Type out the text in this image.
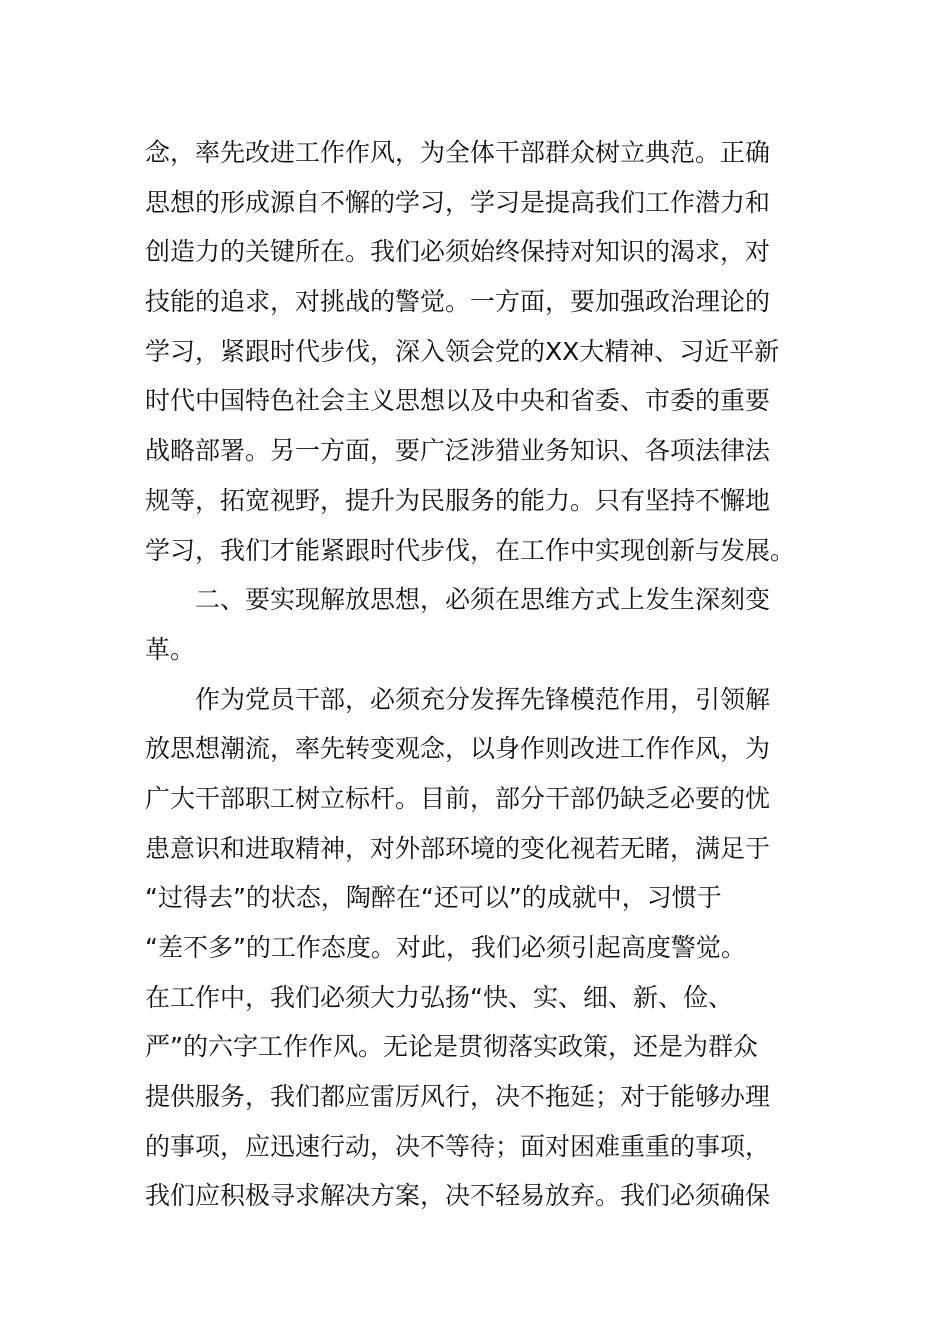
念，率先改进工作作风，为全体干部群众树立典范。正确
思想的形成源自不懈的学习，学习是提高我们工作潜力和
创造力的关键所在。我们必须始终保持对知识的渴求，对
技能的追求，对挑战的警觉。一方面，要加强政治理论的
学习，紧跟时代步伐，深入领会党的XX大精神、习近平新
时代中国特色社会主义思想以及中央和省委、市委的重要
战略部署。另一方面，要广泛涉猎业务知识、各项法律法
规等，拓宽视野，提升为民服务的能力。只有坚持不懈地
学习，我们才能紧跟时代步伐，在工作中实现创新与发展。
二、要实现解放思想，必须在思维方式上发生深刻变
革。
作为党员干部，必须充分发挥先锋模范作用，引领解
放思想潮流，率先转变观念，以身作则改进工作作风，为
广大干部职工树立标杆。目前，部分干部仍缺乏必要的忧
患意识和进取精神，对外部环境的变化视若无睹，满足于
“过得去”的状态，陶醉在“还可以”的成就中，习惯于
“差不多”的工作态度。对此，我们必须引起高度警觉。
在工作中，我们必须大力弘扬“快、实、细、新、俭、
严”的六字工作作风。无论是贯彻落实政策，还是为群众
提供服务，我们都应雷厉风行，决不拖延；对于能够办理
的事项，应迅速行动，决不等待；面对困难重重的事项，
我们应积极寻求解决方案，决不轻易放弃。我们必须确保
